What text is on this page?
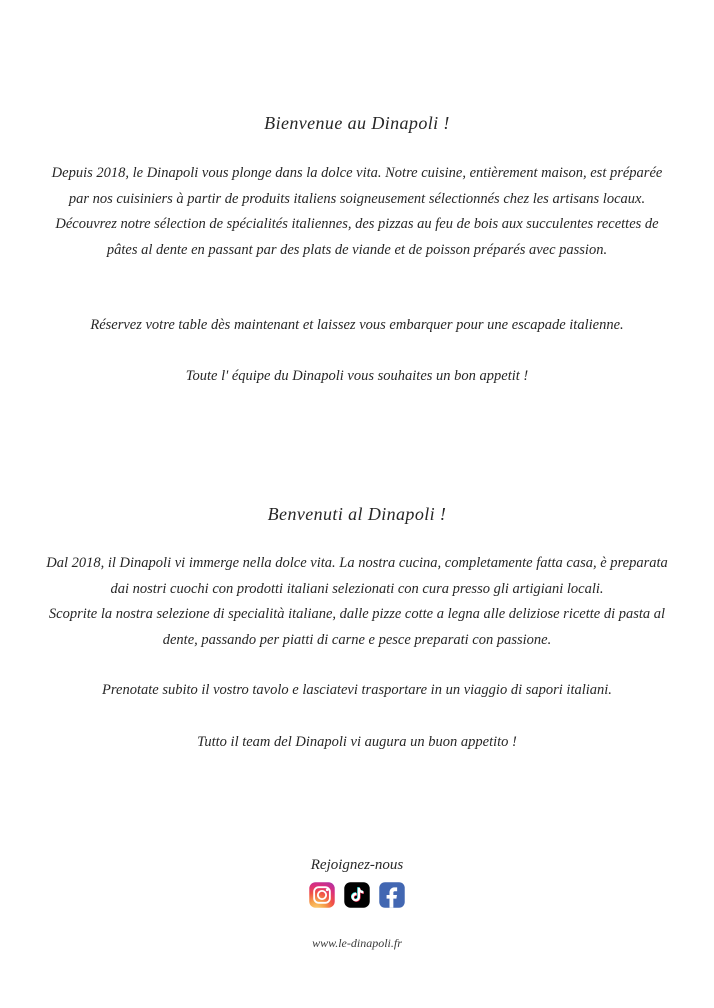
Bienvenue au Dinapoli !

Depuis 2018, le Dinapoli vous plonge dans la dolce vita. Notre cuisine, entièrement maison, est préparée par nos cuisiniers à partir de produits italiens soigneusement sélectionnés chez les artisans locaux.

Découvrez notre sélection de spécialités italiennes, des pizzas au feu de bois aux succulentes recettes de pâtes al dente en passant par des plats de viande et de poisson préparés avec passion.

Réservez votre table dès maintenant et laissez vous embarquer pour une escapade italienne.
Toute l' équipe du Dinapoli vous souhaites un bon appetit !
Benvenuti al Dinapoli !

Dal 2018, il Dinapoli vi immerge nella dolce vita. La nostra cucina, completamente fatta casa, è preparata dai nostri cuochi con prodotti italiani selezionati con cura presso gli artigiani locali.

Scoprite la nostra selezione di specialità italiane, dalle pizze cotte a legna alle deliziose ricette di pasta al dente, passando per piatti di carne e pesce preparati con passione.

Prenotate subito il vostro tavolo e lasciatevi trasportare in un viaggio di sapori italiani.
Tutto il team del Dinapoli vi augura un buon appetito !
Rejoignez-nous
www.le-dinapoli.fr
